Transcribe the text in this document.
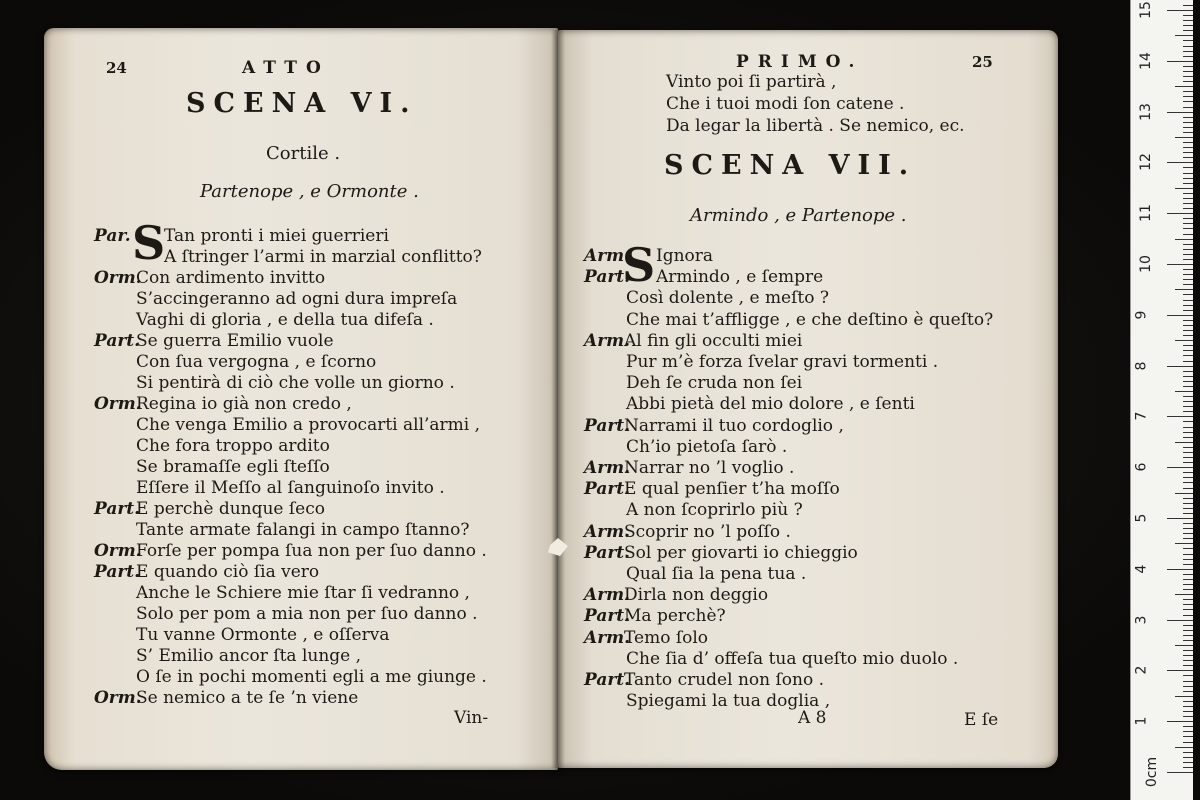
24	ATTO
SCENA VI.
Cortile .
Partenope , e Ormonte .
S
Par. Tan pronti i miei guerrieri
A ſtringer l’armi in marzial conflitto?
Orm.
Con ardimento invitto
S’accingeranno ad ogni dura impreſa
Vaghi di gloria , e della tua difeſa .
Part.
Se guerra Emilio vuole
Con ſua vergogna , e ſcorno
Si pentirà di ciò che volle un giorno .
Orm.
Regina io già non credo ,
Che venga Emilio a provocarti all’armi ,
Che fora troppo ardito
Se bramaſſe egli ſteſſo
Eſſere il Meſſo al ſanguinoſo invito .
Part.
E perchè dunque ſeco
Tante armate falangi in campo ſtanno?
Orm.
Forſe per pompa ſua non per ſuo danno .
Part.
E quando ciò ſia vero
Anche le Schiere mie ſtar ſi vedranno ,
Solo per pom a mia non per ſuo danno .
Tu vanne Ormonte , e oſſerva
S’ Emilio ancor ſta lunge ,
O ſe in pochi momenti egli a me giunge .
Orm.
Se nemico a te ſe ’n viene
Vin-
PRIMO.	25
Vinto poi ſi partirà ,
Che i tuoi modi ſon catene .
Da legar la libertà . Se nemico, ec.
SCENA VII.
Armindo , e Partenope .
S
Arm. Ignora
Part. Armindo , e ſempre
Così dolente , e meſto ?
Che mai t’affligge , e che deſtino è queſto?
Arm.
Al fin gli occulti miei
Pur m’è forza ſvelar gravi tormenti .
Deh ſe cruda non ſei
Abbi pietà del mio dolore , e ſenti
Part.
Narrami il tuo cordoglio ,
Ch’io pietoſa ſarò .
Arm.
Narrar no ’l voglio .
Part.
E qual penſier t’ha moſſo
A non ſcoprirlo più ?
Arm.
Scoprir no ’l poſſo .
Part.
Sol per giovarti io chieggio
Qual ſia la pena tua .
Arm.
Dirla non deggio
Part.
Ma perchè?
Arm.
Temo ſolo
Che ſia d’ offeſa tua queſto mio duolo .
Part.
Tanto crudel non ſono .
Spiegami la tua doglia ,
A 8	E ſe
15
14
13
12
11
10
9
8
7
6
5
4
3
2
1
0cm
